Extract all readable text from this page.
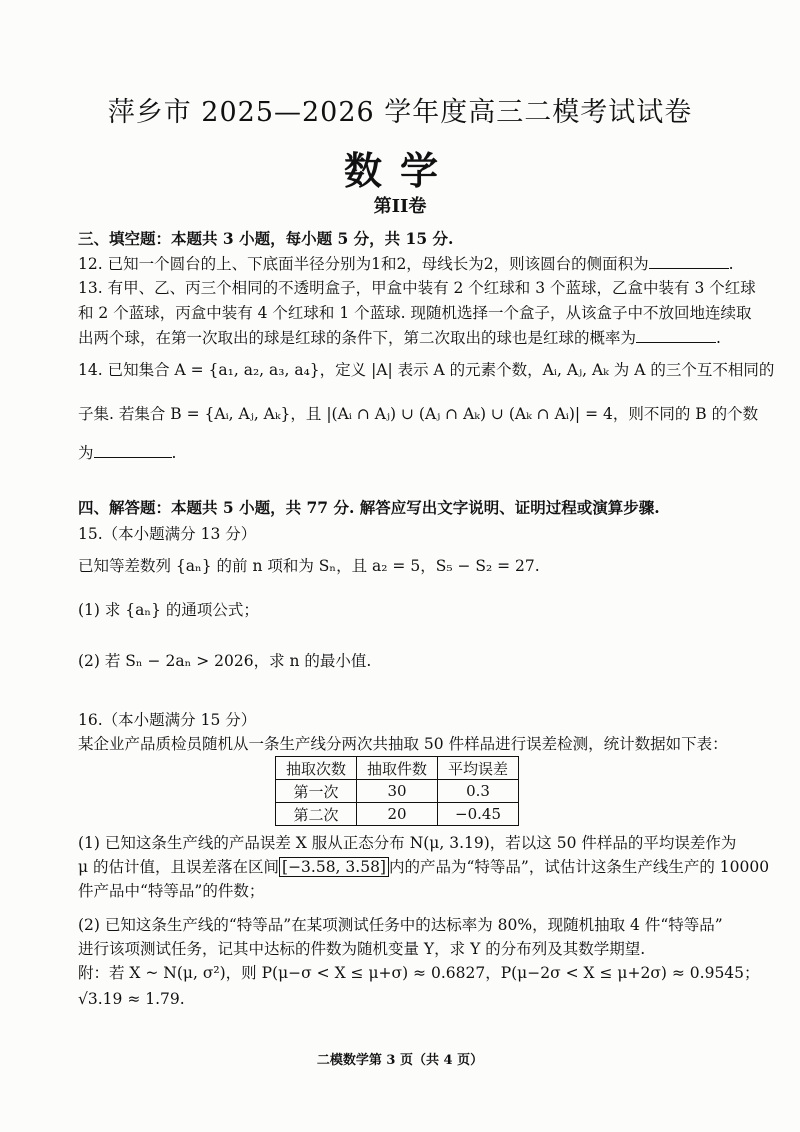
萍乡市 2025—2026 学年度高三二模考试试卷
数学
第II卷
三、填空题：本题共 3 小题，每小题 5 分，共 15 分.
12. 已知一个圆台的上、下底面半径分别为1和2，母线长为2，则该圆台的侧面积为	.
13. 有甲、乙、丙三个相同的不透明盒子，甲盒中装有 2 个红球和 3 个蓝球，乙盒中装有 3 个红球
和 2 个蓝球，丙盒中装有 4 个红球和 1 个蓝球. 现随机选择一个盒子，从该盒子中不放回地连续取
出两个球，在第一次取出的球是红球的条件下，第二次取出的球也是红球的概率为	.
14. 已知集合 A = {a₁, a₂, a₃, a₄}，定义 |A| 表示 A 的元素个数，Aᵢ, Aⱼ, Aₖ 为 A 的三个互不相同的
子集. 若集合 B = {Aᵢ, Aⱼ, Aₖ}，且 |(Aᵢ ∩ Aⱼ) ∪ (Aⱼ ∩ Aₖ) ∪ (Aₖ ∩ Aᵢ)| = 4，则不同的 B 的个数
为	.
四、解答题：本题共 5 小题，共 77 分. 解答应写出文字说明、证明过程或演算步骤.
15.（本小题满分 13 分）
已知等差数列 {aₙ} 的前 n 项和为 Sₙ，且 a₂ = 5，S₅ − S₂ = 27.
(1) 求 {aₙ} 的通项公式；
(2) 若 Sₙ − 2aₙ > 2026，求 n 的最小值.
16.（本小题满分 15 分）
某企业产品质检员随机从一条生产线分两次共抽取 50 件样品进行误差检测，统计数据如下表：
抽取次数	抽取件数	平均误差
第一次	30	0.3
第二次	20	−0.45
(1) 已知这条生产线的产品误差 X 服从正态分布 N(μ, 3.19)，若以这 50 件样品的平均误差作为
μ 的估计值，且误差落在区间 [−3.58, 3.58] 内的产品为“特等品”，试估计这条生产线生产的 10000
件产品中“特等品”的件数；
(2) 已知这条生产线的“特等品”在某项测试任务中的达标率为 80%，现随机抽取 4 件“特等品”
进行该项测试任务，记其中达标的件数为随机变量 Y，求 Y 的分布列及其数学期望.
附：若 X ~ N(μ, σ²)，则 P(μ−σ < X ≤ μ+σ) ≈ 0.6827，P(μ−2σ < X ≤ μ+2σ) ≈ 0.9545；
√3.19 ≈ 1.79.
二模数学第 3 页（共 4 页）
